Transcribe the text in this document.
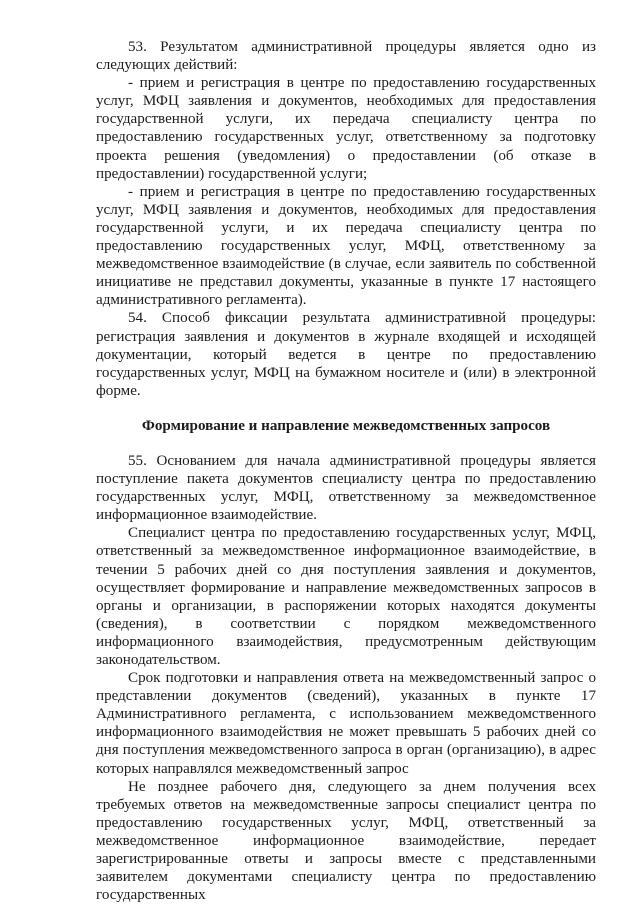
53. Результатом административной процедуры является одно из следующих действий:

- прием и регистрация в центре по предоставлению государственных услуг, МФЦ заявления и документов, необходимых для предоставления государственной услуги, их передача специалисту центра по предоставлению государственных услуг, ответственному за подготовку проекта решения (уведомления) о предоставлении (об отказе в предоставлении) государственной услуги;

- прием и регистрация в центре по предоставлению государственных услуг, МФЦ заявления и документов, необходимых для предоставления государственной услуги, и их передача специалисту центра по предоставлению государственных услуг, МФЦ, ответственному за межведомственное взаимодействие (в случае, если заявитель по собственной инициативе не представил документы, указанные в пункте 17 настоящего административного регламента).

54. Способ фиксации результата административной процедуры: регистрация заявления и документов в журнале входящей и исходящей документации, который ведется в центре по предоставлению государственных услуг, МФЦ на бумажном носителе и (или) в электронной форме.

Формирование и направление межведомственных запросов

55. Основанием для начала административной процедуры является поступление пакета документов специалисту центра по предоставлению государственных услуг, МФЦ, ответственному за межведомственное информационное взаимодействие.

Специалист центра по предоставлению государственных услуг, МФЦ, ответственный за межведомственное информационное взаимодействие, в течении 5 рабочих дней со дня поступления заявления и документов, осуществляет формирование и направление межведомственных запросов в органы и организации, в распоряжении которых находятся документы (сведения), в соответствии с порядком межведомственного информационного взаимодействия, предусмотренным действующим законодательством.

Срок подготовки и направления ответа на межведомственный запрос о представлении документов (сведений), указанных в пункте 17 Административного регламента, с использованием межведомственного информационного взаимодействия не может превышать 5 рабочих дней со дня поступления межведомственного запроса в орган (организацию), в адрес которых направлялся межведомственный запрос

Не позднее рабочего дня, следующего за днем получения всех требуемых ответов на межведомственные запросы специалист центра по предоставлению государственных услуг, МФЦ, ответственный за межведомственное информационное взаимодействие, передает зарегистрированные ответы и запросы вместе с представленными заявителем документами специалисту центра по предоставлению государственных
